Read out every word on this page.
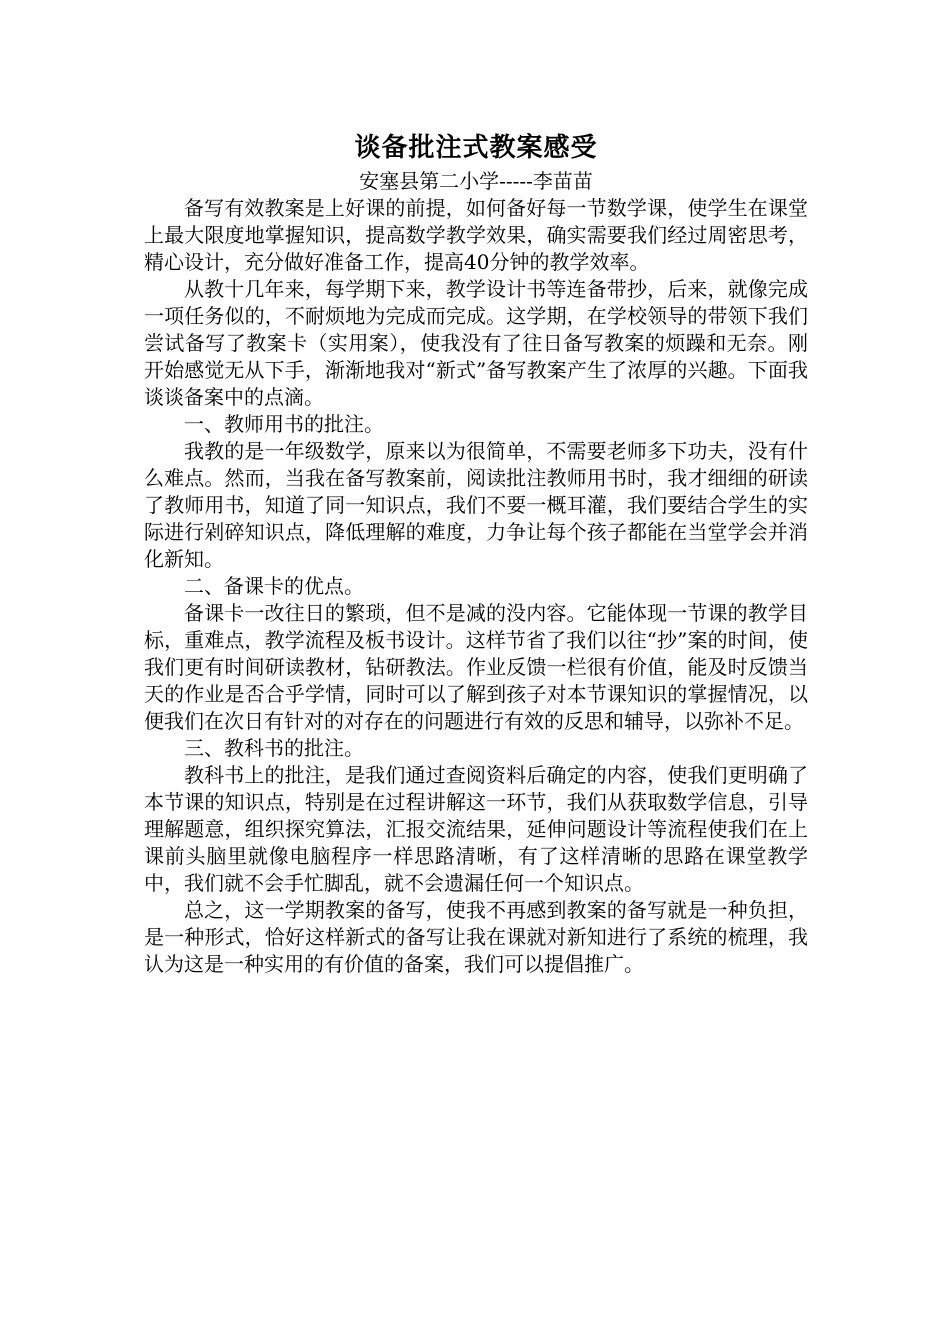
谈备批注式教案感受

安塞县第二小学-----李苗苗

备写有效教案是上好课的前提，如何备好每一节数学课，使学生在课堂上最大限度地掌握知识，提高数学教学效果，确实需要我们经过周密思考，精心设计，充分做好准备工作，提高40分钟的教学效率。

从教十几年来，每学期下来，教学设计书等连备带抄，后来，就像完成一项任务似的，不耐烦地为完成而完成。这学期，在学校领导的带领下我们尝试备写了教案卡（实用案），使我没有了往日备写教案的烦躁和无奈。刚开始感觉无从下手，渐渐地我对“新式”备写教案产生了浓厚的兴趣。下面我谈谈备案中的点滴。

一、教师用书的批注。

我教的是一年级数学，原来以为很简单，不需要老师多下功夫，没有什么难点。然而，当我在备写教案前，阅读批注教师用书时，我才细细的研读了教师用书，知道了同一知识点，我们不要一概耳灌，我们要结合学生的实际进行剁碎知识点，降低理解的难度，力争让每个孩子都能在当堂学会并消化新知。

二、备课卡的优点。

备课卡一改往日的繁琐，但不是减的没内容。它能体现一节课的教学目标，重难点，教学流程及板书设计。这样节省了我们以往“抄”案的时间，使我们更有时间研读教材，钻研教法。作业反馈一栏很有价值，能及时反馈当天的作业是否合乎学情，同时可以了解到孩子对本节课知识的掌握情况，以便我们在次日有针对的对存在的问题进行有效的反思和辅导，以弥补不足。

三、教科书的批注。

教科书上的批注，是我们通过查阅资料后确定的内容，使我们更明确了本节课的知识点，特别是在过程讲解这一环节，我们从获取数学信息，引导理解题意，组织探究算法，汇报交流结果，延伸问题设计等流程使我们在上课前头脑里就像电脑程序一样思路清晰，有了这样清晰的思路在课堂教学中，我们就不会手忙脚乱，就不会遗漏任何一个知识点。

总之，这一学期教案的备写，使我不再感到教案的备写就是一种负担，是一种形式，恰好这样新式的备写让我在课就对新知进行了系统的梳理，我认为这是一种实用的有价值的备案，我们可以提倡推广。
